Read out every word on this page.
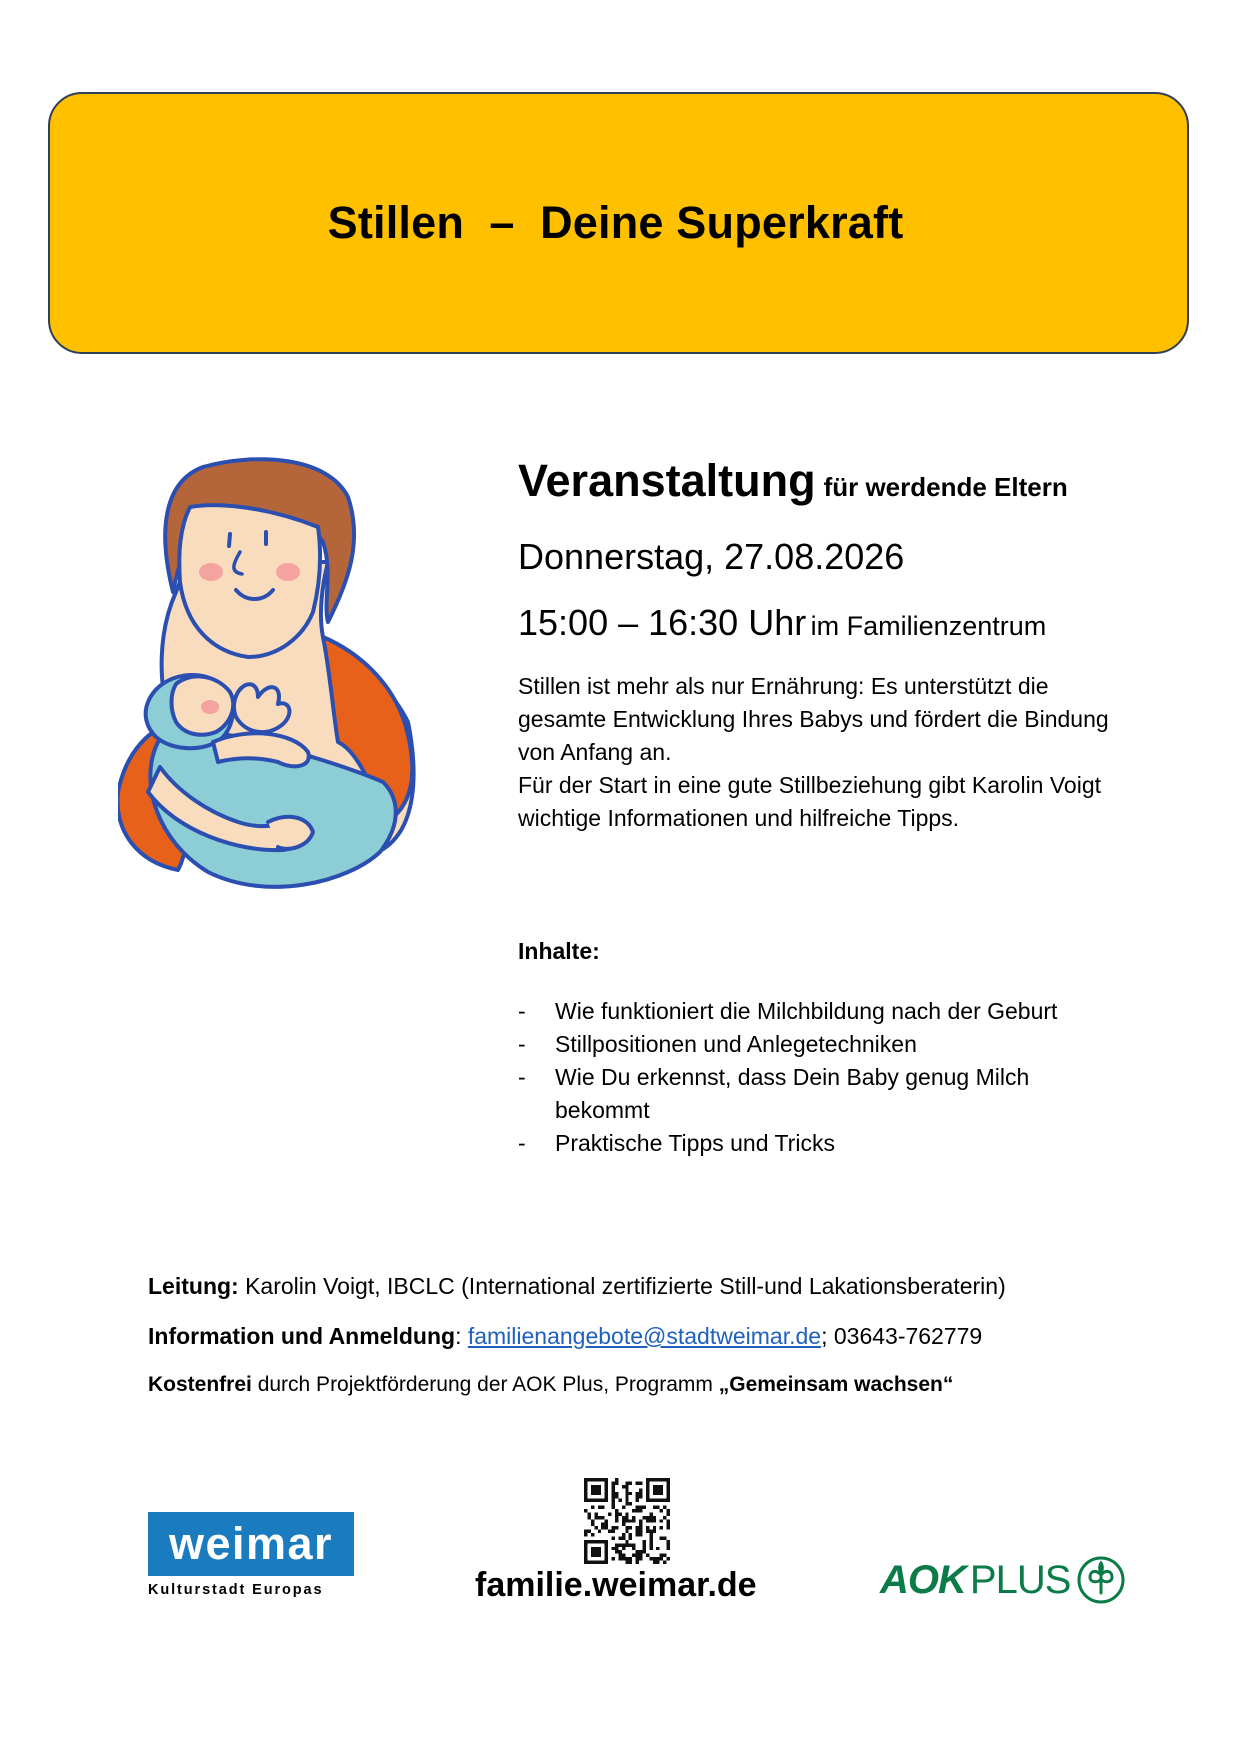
Stillen  –  Deine Superkraft
Veranstaltung für werdende Eltern

Donnerstag, 27.08.2026

15:00 – 16:30 Uhr im Familienzentrum

Stillen ist mehr als nur Ernährung: Es unterstützt die gesamte Entwicklung Ihres Babys und fördert die Bindung von Anfang an.

Für der Start in eine gute Stillbeziehung gibt Karolin Voigt wichtige Informationen und hilfreiche Tipps.

Inhalte:

- Wie funktioniert die Milchbildung nach der Geburt
- Stillpositionen und Anlegetechniken
- Wie Du erkennst, dass Dein Baby genug Milch bekommt
- Praktische Tipps und Tricks

Leitung: Karolin Voigt, IBCLC (International zertifizierte Still-und Lakationsberaterin)

Information und Anmeldung: familienangebote@stadtweimar.de; 03643-762779

Kostenfrei durch Projektförderung der AOK Plus, Programm „Gemeinsam wachsen“

weimar
Kulturstadt Europas	familie.weimar.de	AOK PLUS
